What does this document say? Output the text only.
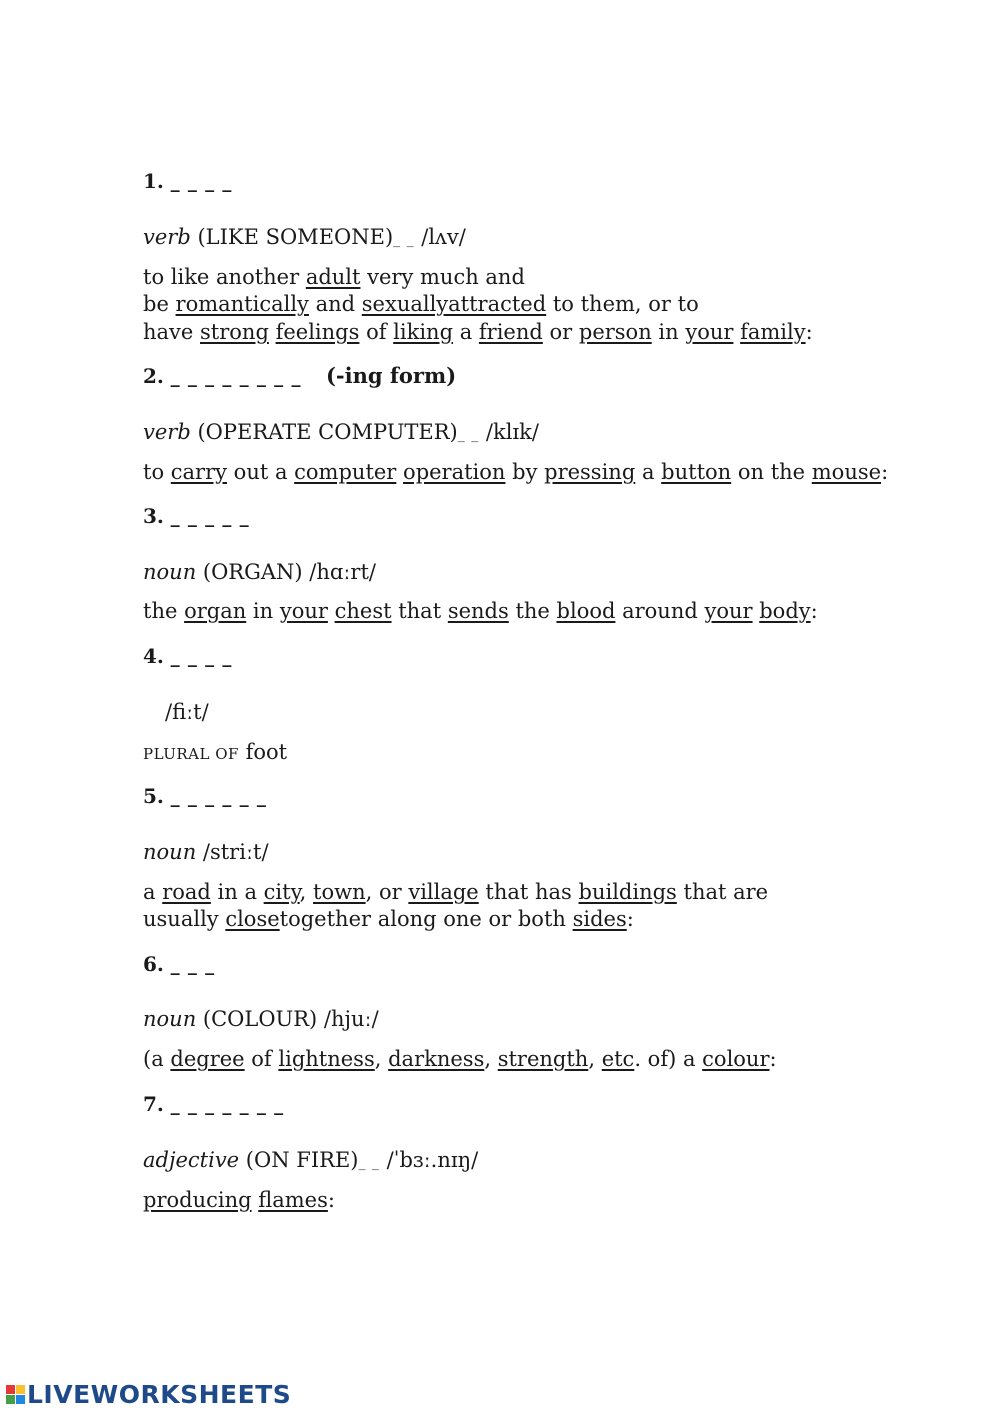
1. _ _ _ _
verb (LIKE SOMEONE)_ _ /lʌv/
to like another adult very much and
be romantically and sexuallyattracted to them, or to
have strong feelings of liking a friend or person in your family:
2. _ _ _ _ _ _ _ _ (-ing form)
verb (OPERATE COMPUTER)_ _ /klɪk/
to carry out a computer operation by pressing a button on the mouse:
3. _ _ _ _ _
noun (ORGAN) /hɑːrt/
the organ in your chest that sends the blood around your body:
4. _ _ _ _
/fiːt/
PLURAL OF foot
5. _ _ _ _ _ _
noun /striːt/
a road in a city, town, or village that has buildings that are
usually closetogether along one or both sides:
6. _ _ _
noun (COLOUR) /hjuː/
(a degree of lightness, darkness, strength, etc. of) a colour:
7. _ _ _ _ _ _ _
adjective (ON FIRE)_ _ /ˈbɜː.nɪŋ/
producing flames:
LIVEWORKSHEETS
